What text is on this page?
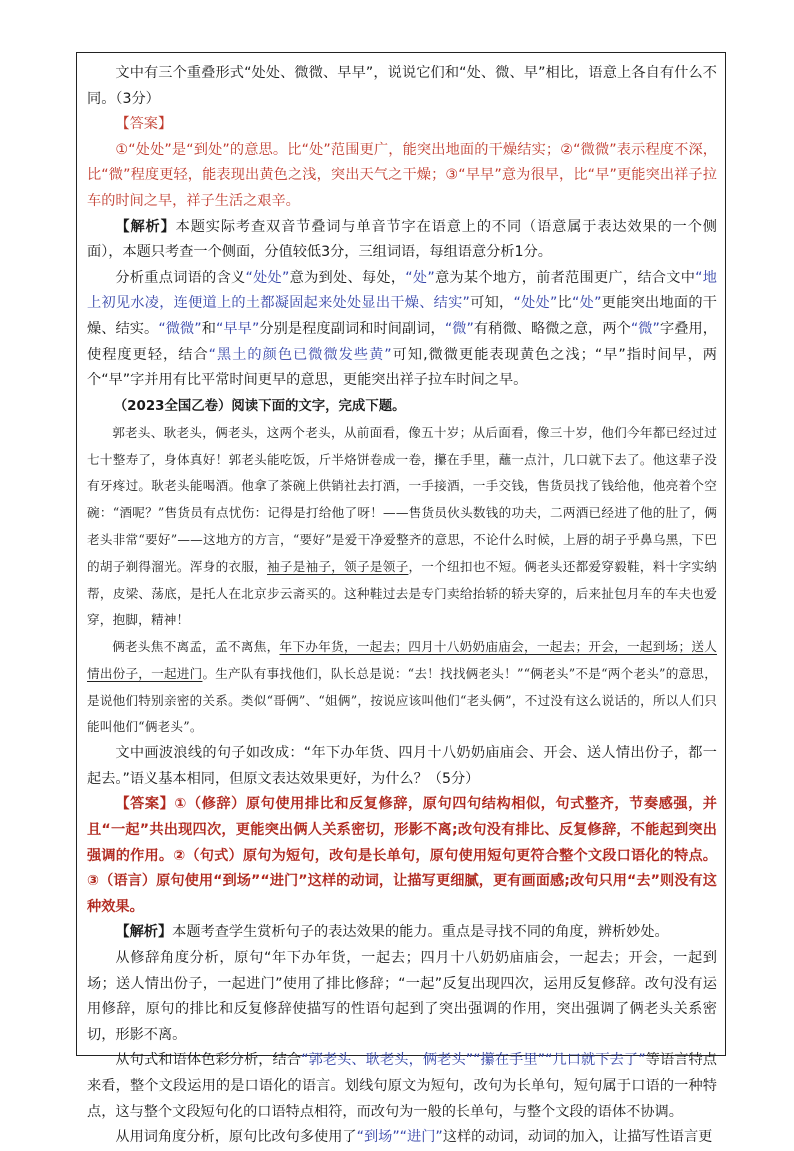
文中有三个重叠形式“处处、微微、早早”，说说它们和“处、微、早”相比，语意上各自有什么不同。（3分）

【答案】

①“处处”是“到处”的意思。比“处”范围更广，能突出地面的干燥结实；②“微微”表示程度不深，比“微”程度更轻，能表现出黄色之浅，突出天气之干燥；③“早早”意为很早，比“早”更能突出祥子拉车的时间之早，祥子生活之艰辛。

【解析】本题实际考查双音节叠词与单音节字在语意上的不同（语意属于表达效果的一个侧面），本题只考查一个侧面，分值较低3分，三组词语，每组语意分析1分。

分析重点词语的含义“处处”意为到处、每处，“处”意为某个地方，前者范围更广，结合文中“地上初见水凌，连便道上的土都凝固起来处处显出干燥、结实”可知，“处处”比“处”更能突出地面的干燥、结实。“微微”和“早早”分别是程度副词和时间副词，“微”有稍微、略微之意，两个“微”字叠用，使程度更轻，结合“黑土的颜色已微微发些黄”可知,微微更能表现黄色之浅；“早”指时间早，两个“早”字并用有比平常时间更早的意思，更能突出祥子拉车时间之早。

（2023全国乙卷）阅读下面的文字，完成下题。

郭老头、耿老头，俩老头，这两个老头，从前面看，像五十岁；从后面看，像三十岁，他们今年都已经过过七十整寿了，身体真好！郭老头能吃饭，斤半烙饼卷成一卷，攥在手里，蘸一点汁，几口就下去了。他这辈子没有牙疼过。耿老头能喝酒。他拿了茶碗上供销社去打酒，一手接酒，一手交钱，售货员找了钱给他，他亮着个空碗：“酒呢？”售货员有点忧伤：记得是打给他了呀！——售货员伙头数钱的功夫，二两酒已经进了他的肚了，俩老头非常“要好”——这地方的方言，“要好”是爱干净爱整齐的意思，不论什么时候，上唇的胡子乎鼻乌黑，下巴的胡子剃得溜光。浑身的衣服，袖子是袖子，领子是领子，一个纽扣也不短。俩老头还都爱穿毅鞋，料十字实纳帮，皮梁、荡底，是托人在北京步云斋买的。这种鞋过去是专门卖给抬轿的轿夫穿的，后来扯包月车的车夫也爱穿，抱脚，精神！

俩老头焦不离孟，孟不离焦，年下办年货，一起去；四月十八奶奶庙庙会，一起去；开会，一起到场；送人情出份子，一起进门。生产队有事找他们，队长总是说：“去！找找俩老头！”“俩老头”不是“两个老头”的意思，是说他们特别亲密的关系。类似“哥俩”、“姐俩”，按说应该叫他们“老头俩”，不过没有这么说话的，所以人们只能叫他们“俩老头”。

文中画波浪线的句子如改成：“年下办年货、四月十八奶奶庙庙会、开会、送人情出份子，都一起去。”语义基本相同，但原文表达效果更好，为什么？（5分）

【答案】①（修辞）原句使用排比和反复修辞，原句四句结构相似，句式整齐，节奏感强，并且“一起”共出现四次，更能突出俩人关系密切，形影不离;改句没有排比、反复修辞，不能起到突出强调的作用。②（句式）原句为短句，改句是长单句，原句使用短句更符合整个文段口语化的特点。③（语言）原句使用“到场”“进门”这样的动词，让描写更细腻，更有画面感;改句只用“去”则没有这种效果。

【解析】本题考查学生赏析句子的表达效果的能力。重点是寻找不同的角度，辨析妙处。

从修辞角度分析，原句“年下办年货，一起去；四月十八奶奶庙庙会，一起去；开会，一起到场；送人情出份子，一起进门”使用了排比修辞；“一起”反复出现四次，运用反复修辞。改句没有运用修辞，原句的排比和反复修辞使描写的性语句起到了突出强调的作用，突出强调了俩老头关系密切，形影不离。

从句式和语体色彩分析，结合“郭老头、耿老头，俩老头”“攥在手里”“几口就下去了”等语言特点来看，整个文段运用的是口语化的语言。划线句原文为短句，改句为长单句，短句属于口语的一种特点，这与整个文段短句化的口语特点相符，而改句为一般的长单句，与整个文段的语体不协调。

从用词角度分析，原句比改句多使用了“到场”“进门”这样的动词，动词的加入，让描写性语言更
